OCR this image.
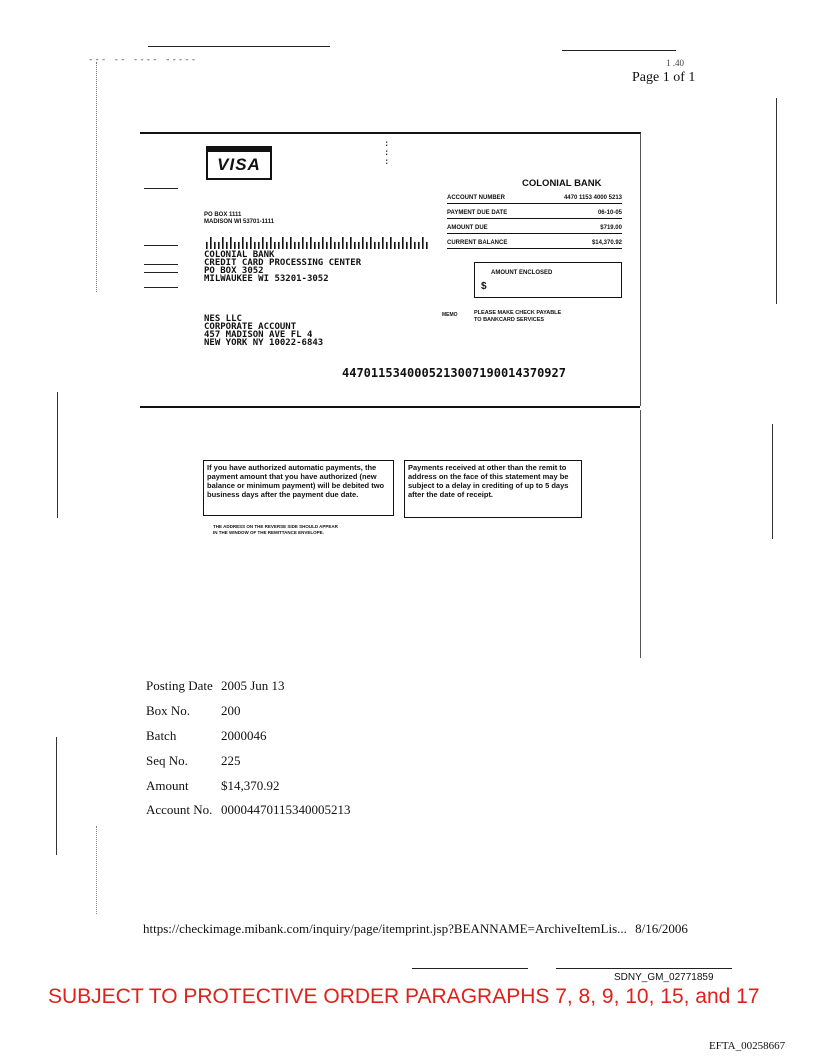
--- -- ---- -----	1 .40
Page 1 of 1
VISA
:
:
:
COLONIAL BANK
ACCOUNT NUMBER	4470 1153 4000 5213
PAYMENT DUE DATE	06-10-05
AMOUNT DUE	$719.00
CURRENT BALANCE	$14,370.92
AMOUNT ENCLOSED
$
PO BOX 1111
MADISON WI 53701-1111
COLONIAL BANK
CREDIT CARD PROCESSING CENTER
PO BOX 3052
MILWAUKEE WI 53201-3052
NES LLC
CORPORATE ACCOUNT
457 MADISON AVE FL 4
NEW YORK NY 10022-6843
MEMO	PLEASE MAKE CHECK PAYABLE
TO BANKCARD SERVICES
4470115340005213007190014370927
If you have authorized automatic payments, the payment amount that you have authorized (new balance or minimum payment) will be debited two business days after the payment due date.
Payments received at other than the remit to address on the face of this statement may be subject to a delay in crediting of up to 5 days after the date of receipt.
THE ADDRESS ON THE REVERSE SIDE SHOULD APPEAR
IN THE WINDOW OF THE REMITTANCE ENVELOPE.
Posting Date 2005 Jun 13
Box No. 200
Batch	2000046
Seq No.	225
Amount $14,370.92
Account No. 00004470115340005213
https://checkimage.mibank.com/inquiry/page/itemprint.jsp?BEANNAME=ArchiveItemLis... 8/16/2006
SDNY_GM_02771859
SUBJECT TO PROTECTIVE ORDER PARAGRAPHS 7, 8, 9, 10, 15, and 17
EFTA_00258667
